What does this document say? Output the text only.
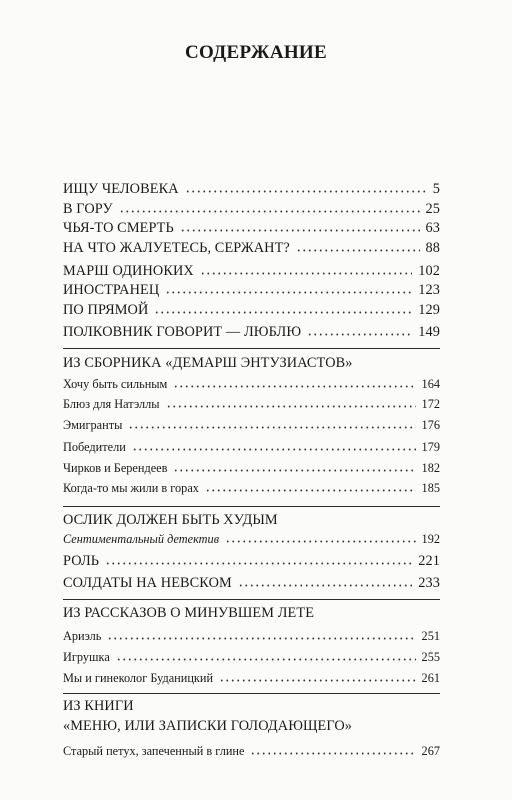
СОДЕРЖАНИЕ
ИЩУ ЧЕЛОВЕКА	5
В ГОРУ	25
ЧЬЯ-ТО СМЕРТЬ	63
НА ЧТО ЖАЛУЕТЕСЬ, СЕРЖАНТ?	88
МАРШ ОДИНОКИХ	102
ИНОСТРАНЕЦ	123
ПО ПРЯМОЙ	129
ПОЛКОВНИК ГОВОРИТ — ЛЮБЛЮ	149
ИЗ СБОРНИКА «ДЕМАРШ ЭНТУЗИАСТОВ»
Хочу быть сильным	164
Блюз для Натэллы	172
Эмигранты	176
Победители	179
Чирков и Берендеев	182
Когда-то мы жили в горах	185
ОСЛИК ДОЛЖЕН БЫТЬ ХУДЫМ
Сентиментальный детектив	192
РОЛЬ	221
СОЛДАТЫ НА НЕВСКОМ	233
ИЗ РАССКАЗОВ О МИНУВШЕМ ЛЕТЕ
Ариэль	251
Игрушка	255
Мы и гинеколог Буданицкий	261
ИЗ КНИГИ
«МЕНЮ, ИЛИ ЗАПИСКИ ГОЛОДАЮЩЕГО»
Старый петух, запеченный в глине	267
